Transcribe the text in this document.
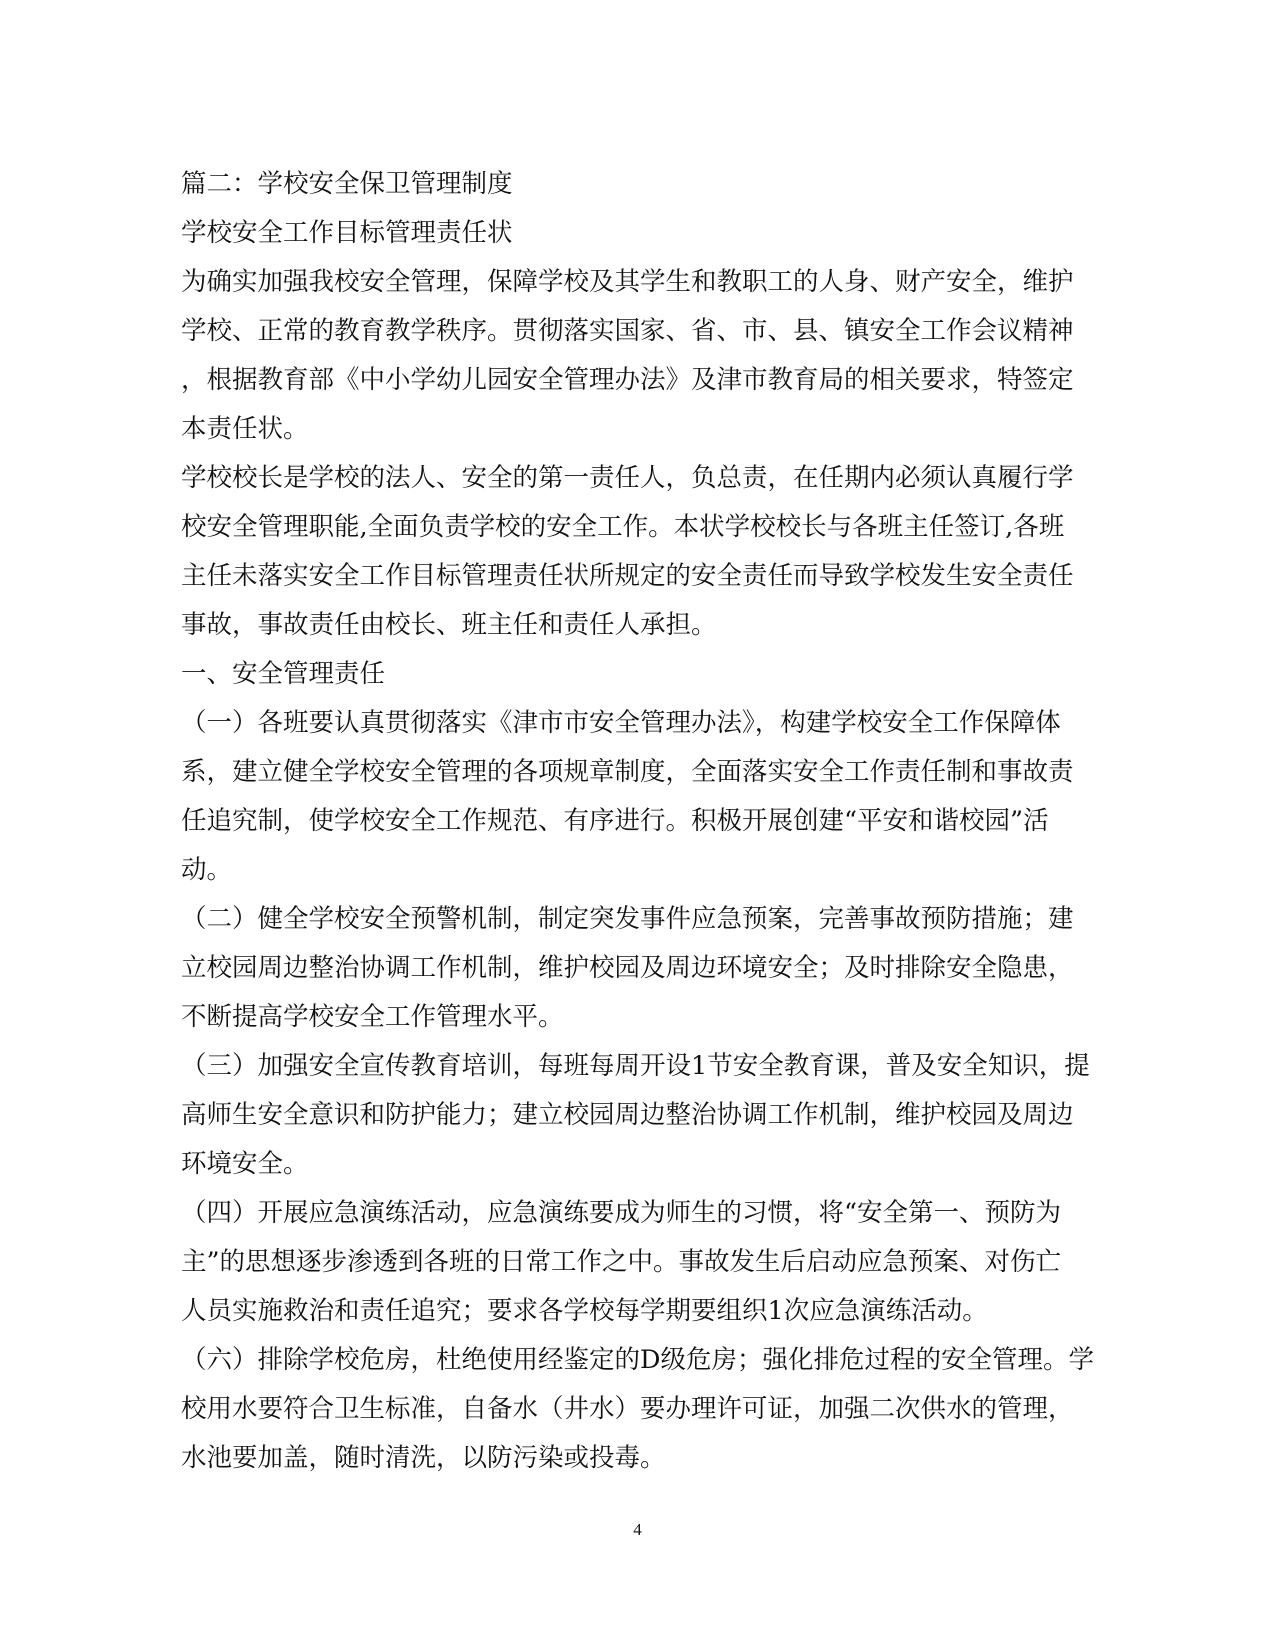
篇二：学校安全保卫管理制度
学校安全工作目标管理责任状
为确实加强我校安全管理，保障学校及其学生和教职工的人身、财产安全，维护
学校、正常的教育教学秩序。贯彻落实国家、省、市、县、镇安全工作会议精神
，根据教育部《中小学幼儿园安全管理办法》及津市教育局的相关要求，特签定
本责任状。
学校校长是学校的法人、安全的第一责任人，负总责，在任期内必须认真履行学
校安全管理职能,全面负责学校的安全工作。本状学校校长与各班主任签订,各班
主任未落实安全工作目标管理责任状所规定的安全责任而导致学校发生安全责任
事故，事故责任由校长、班主任和责任人承担。
一、安全管理责任
（一）各班要认真贯彻落实《津市市安全管理办法》，构建学校安全工作保障体
系，建立健全学校安全管理的各项规章制度，全面落实安全工作责任制和事故责
任追究制，使学校安全工作规范、有序进行。积极开展创建“平安和谐校园”活
动。
（二）健全学校安全预警机制，制定突发事件应急预案，完善事故预防措施；建
立校园周边整治协调工作机制，维护校园及周边环境安全；及时排除安全隐患，
不断提高学校安全工作管理水平。
（三）加强安全宣传教育培训，每班每周开设1节安全教育课，普及安全知识，提
高师生安全意识和防护能力；建立校园周边整治协调工作机制，维护校园及周边
环境安全。
（四）开展应急演练活动，应急演练要成为师生的习惯，将“安全第一、预防为
主”的思想逐步渗透到各班的日常工作之中。事故发生后启动应急预案、对伤亡
人员实施救治和责任追究；要求各学校每学期要组织1次应急演练活动。
（六）排除学校危房，杜绝使用经鉴定的D级危房；强化排危过程的安全管理。学
校用水要符合卫生标准，自备水（井水）要办理许可证，加强二次供水的管理，
水池要加盖，随时清洗，以防污染或投毒。
4
